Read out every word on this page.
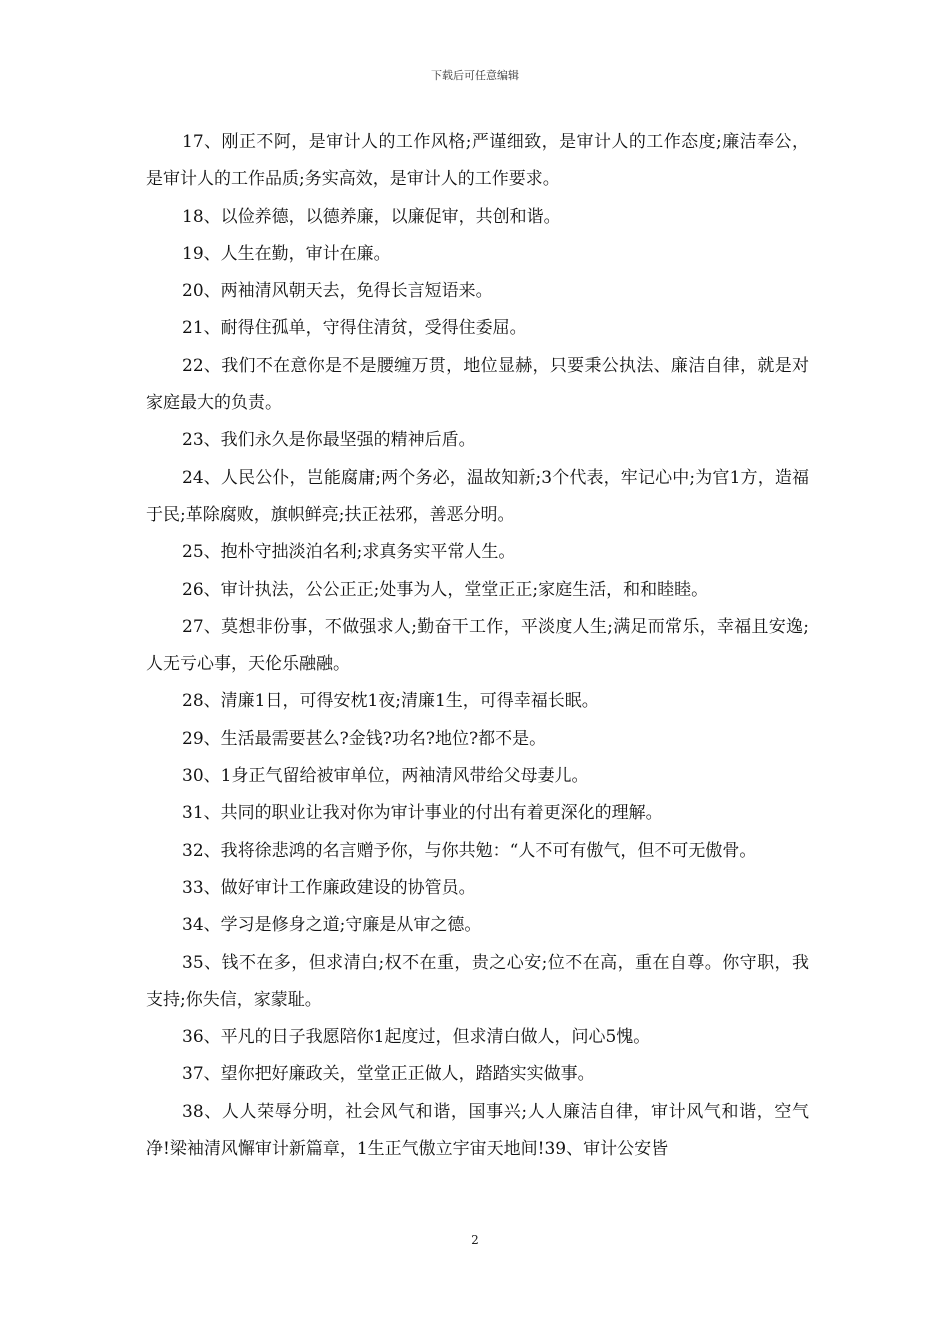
下载后可任意编辑

17、刚正不阿，是审计人的工作风格;严谨细致，是审计人的工作态度;廉洁奉公，是审计人的工作品质;务实高效，是审计人的工作要求。

18、以俭养德，以德养廉，以廉促审，共创和谐。

19、人生在勤，审计在廉。

20、两袖清风朝天去，免得长言短语来。

21、耐得住孤单，守得住清贫，受得住委屈。

22、我们不在意你是不是腰缠万贯，地位显赫，只要秉公执法、廉洁自律，就是对家庭最大的负责。

23、我们永久是你最坚强的精神后盾。

24、人民公仆，岂能腐庸;两个务必，温故知新;3个代表，牢记心中;为官1方，造福于民;革除腐败，旗帜鲜亮;扶正祛邪，善恶分明。

25、抱朴守拙淡泊名利;求真务实平常人生。

26、审计执法，公公正正;处事为人，堂堂正正;家庭生活，和和睦睦。

27、莫想非份事，不做强求人;勤奋干工作，平淡度人生;满足而常乐，幸福且安逸;人无亏心事，天伦乐融融。

28、清廉1日，可得安枕1夜;清廉1生，可得幸福长眠。

29、生活最需要甚么?金钱?功名?地位?都不是。

30、1身正气留给被审单位，两袖清风带给父母妻儿。

31、共同的职业让我对你为审计事业的付出有着更深化的理解。

32、我将徐悲鸿的名言赠予你，与你共勉：“人不可有傲气，但不可无傲骨。

33、做好审计工作廉政建设的协管员。

34、学习是修身之道;守廉是从审之德。

35、钱不在多，但求清白;权不在重，贵之心安;位不在高，重在自尊。你守职，我支持;你失信，家蒙耻。

36、平凡的日子我愿陪你1起度过，但求清白做人，问心5愧。

37、望你把好廉政关，堂堂正正做人，踏踏实实做事。

38、人人荣辱分明，社会风气和谐，国事兴;人人廉洁自律，审计风气和谐，空气净!梁袖清风懈审计新篇章，1生正气傲立宇宙天地间!39、审计公安皆

2
